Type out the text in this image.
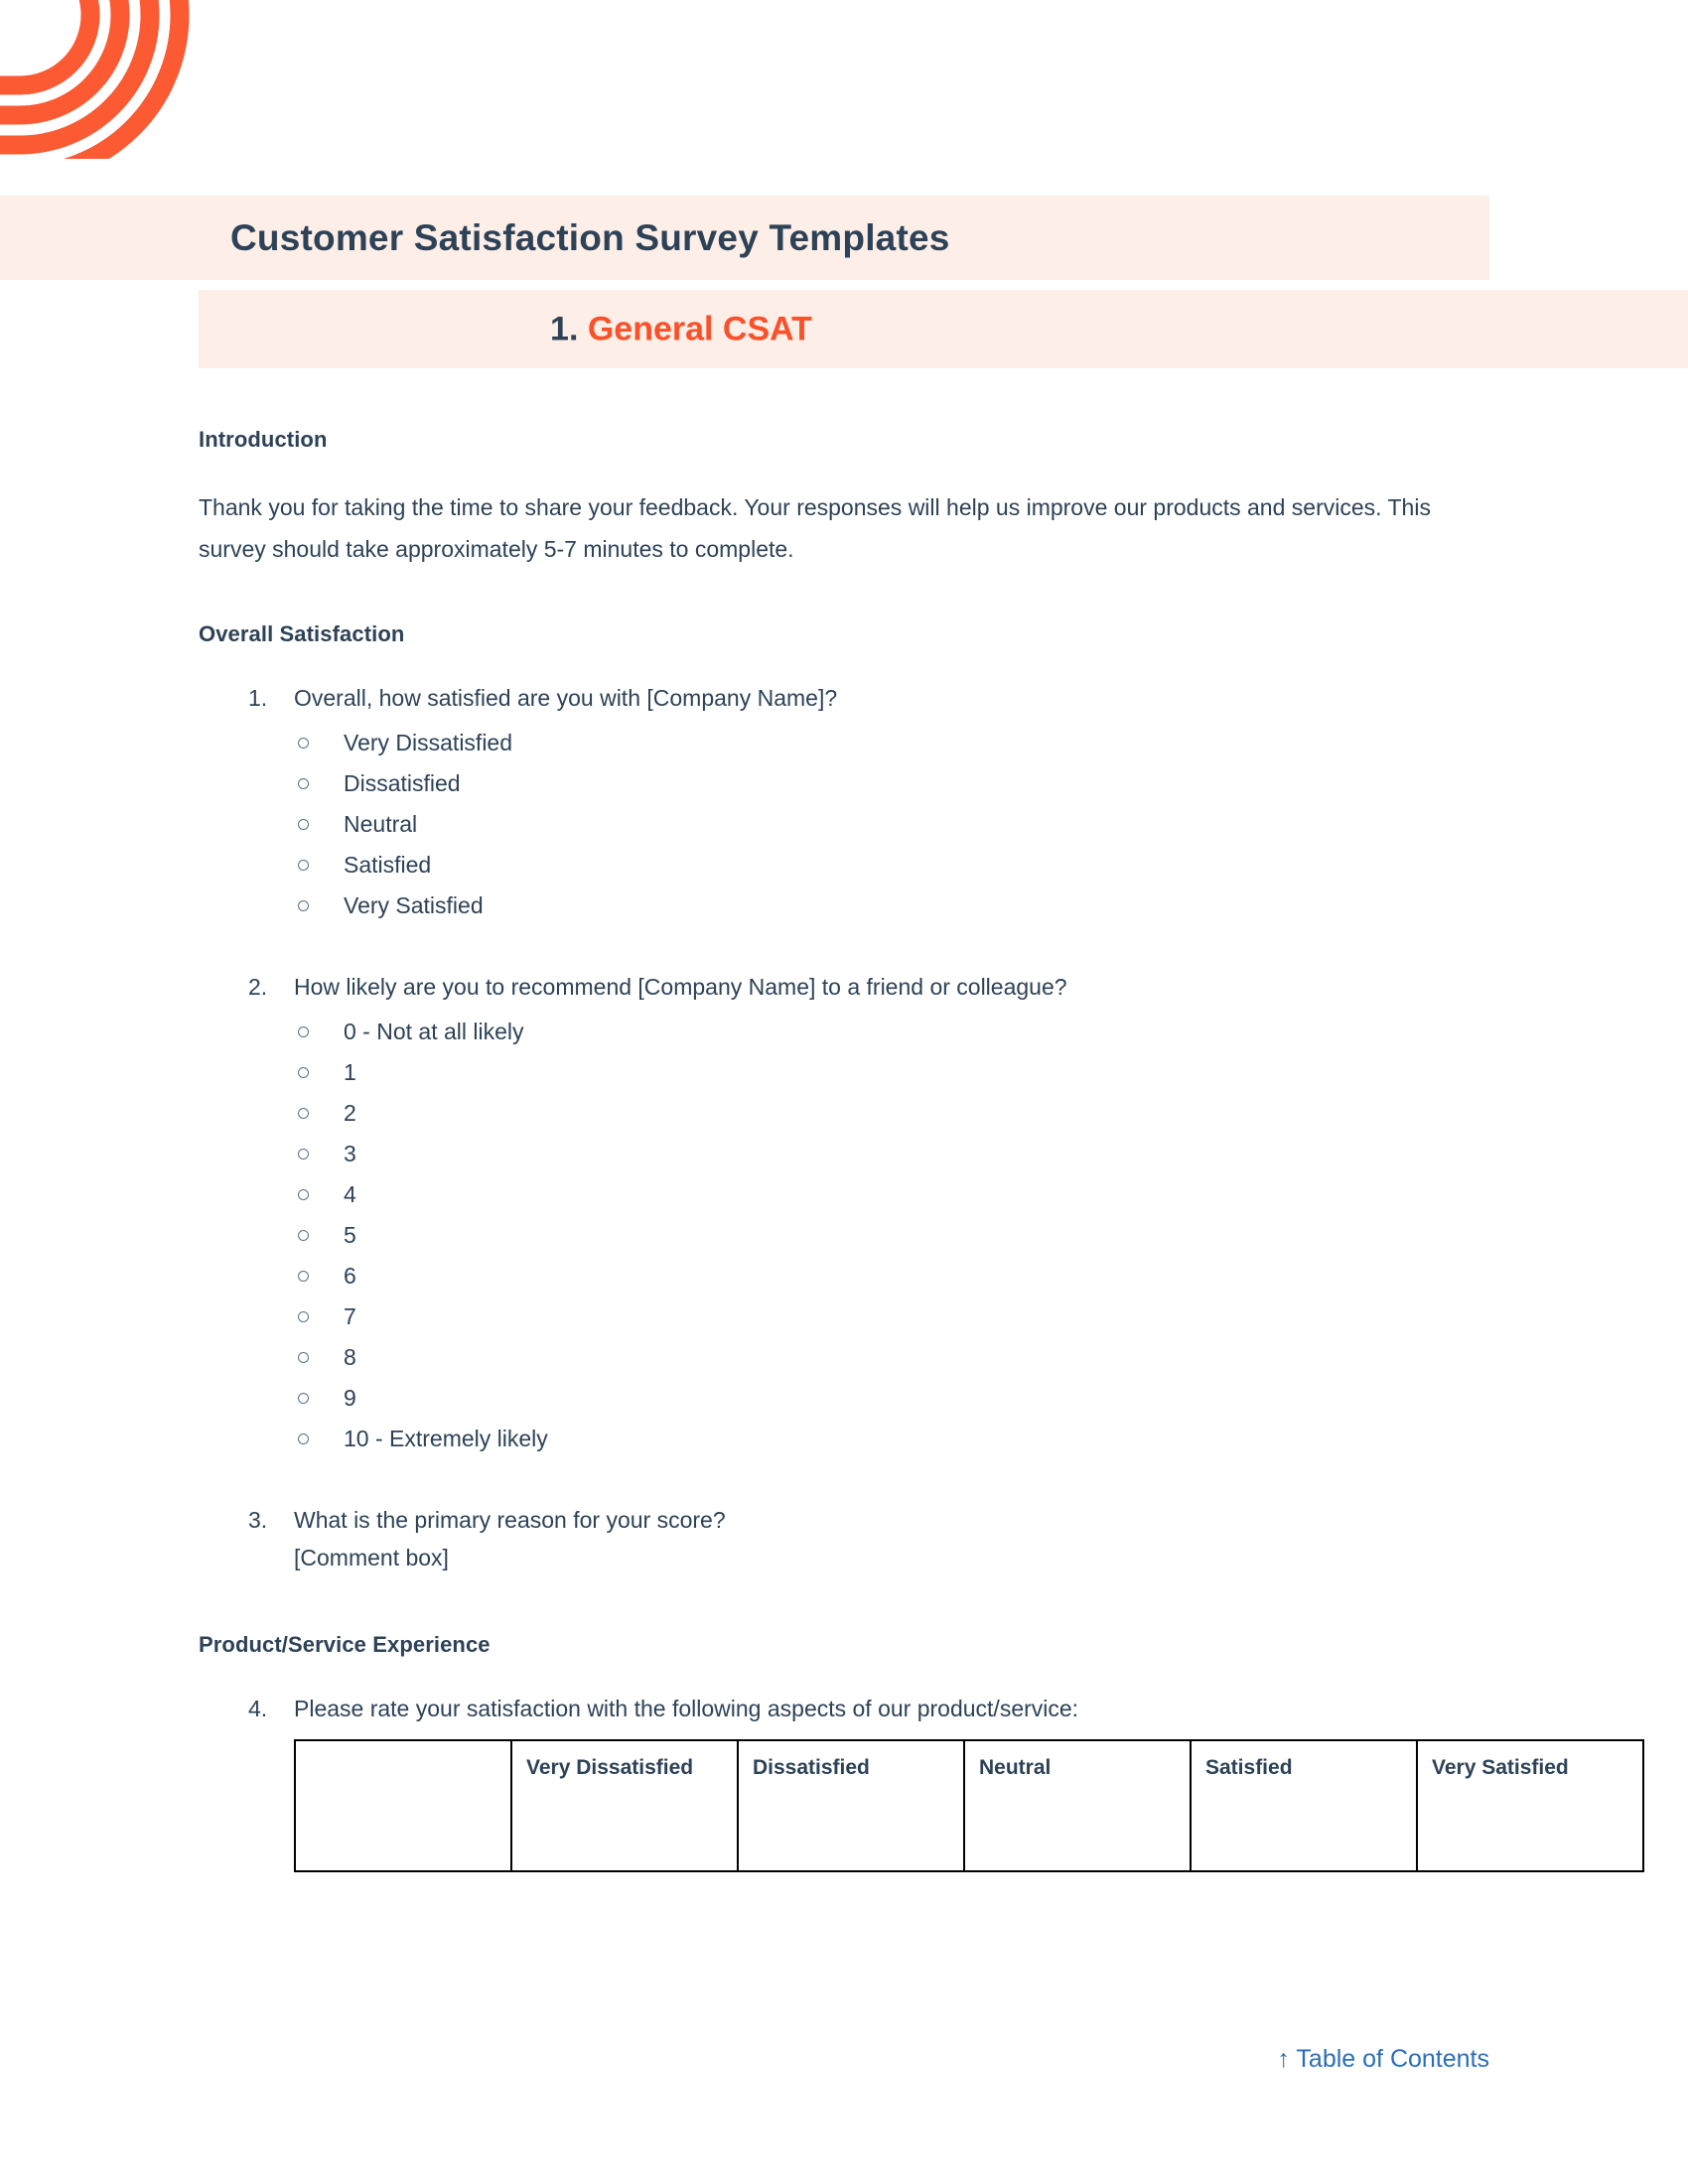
Customer Satisfaction Survey Templates
1. General CSAT
Introduction

Thank you for taking the time to share your feedback. Your responses will help us improve our products and services. This survey should take approximately 5-7 minutes to complete.

Overall Satisfaction
1. Overall, how satisfied are you with [Company Name]?
Very Dissatisfied
Dissatisfied
Neutral
Satisfied
Very Satisfied
2. How likely are you to recommend [Company Name] to a friend or colleague?
0 - Not at all likely
1
2
3
4
5
6
7
8
9
10 - Extremely likely
3. What is the primary reason for your score?
[Comment box]
Product/Service Experience
4. Please rate your satisfaction with the following aspects of our product/service:
	Very Dissatisfied	Dissatisfied	Neutral	Satisfied	Very Satisfied
↑ Table of Contents
